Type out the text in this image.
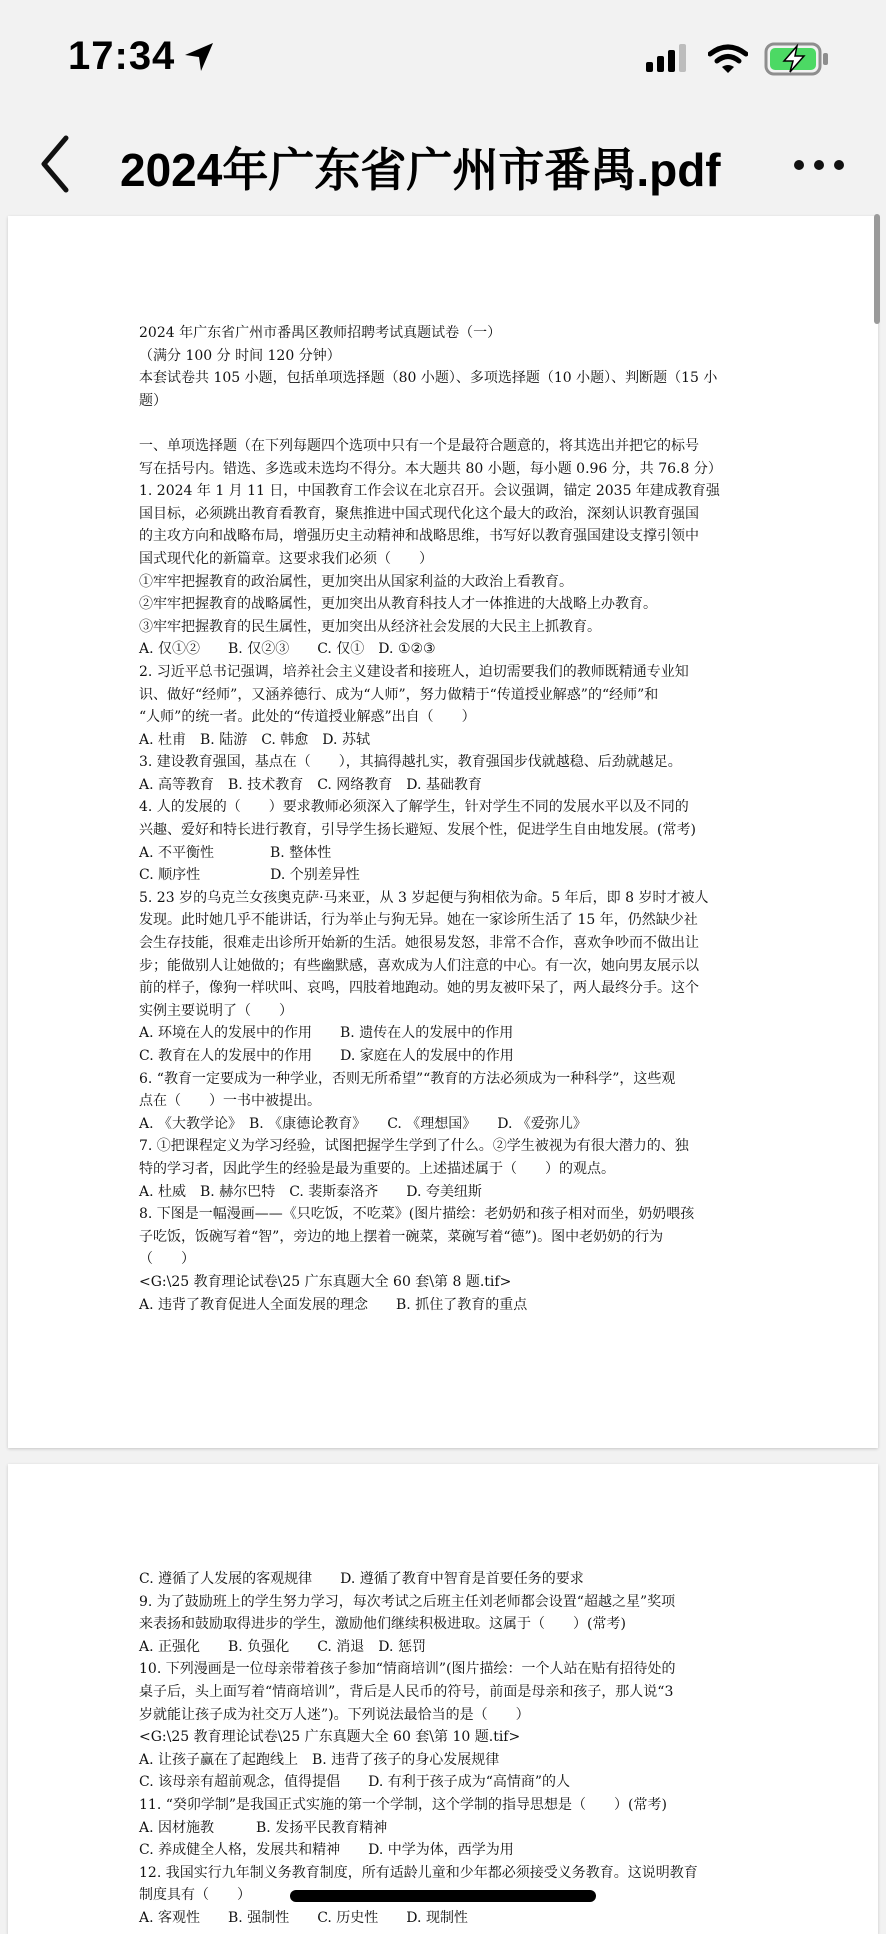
17:34
2024年广东省广州市番禺.pdf
2024 年广东省广州市番禺区教师招聘考试真题试卷（一）
（满分 100 分 时间 120 分钟）
本套试卷共 105 小题，包括单项选择题（80 小题）、多项选择题（10 小题）、判断题（15 小
题）
一、单项选择题（在下列每题四个选项中只有一个是最符合题意的，将其选出并把它的标号
写在括号内。错选、多选或未选均不得分。本大题共 80 小题，每小题 0.96 分，共 76.8 分）
1. 2024 年 1 月 11 日，中国教育工作会议在北京召开。会议强调，锚定 2035 年建成教育强
国目标，必须跳出教育看教育，聚焦推进中国式现代化这个最大的政治，深刻认识教育强国
的主攻方向和战略布局，增强历史主动精神和战略思维，书写好以教育强国建设支撑引领中
国式现代化的新篇章。这要求我们必须（　　）
①牢牢把握教育的政治属性，更加突出从国家利益的大政治上看教育。
②牢牢把握教育的战略属性，更加突出从教育科技人才一体推进的大战略上办教育。
③牢牢把握教育的民生属性，更加突出从经济社会发展的大民主上抓教育。
A. 仅①②　　B. 仅②③　　C. 仅①　D. ①②③
2. 习近平总书记强调，培养社会主义建设者和接班人，迫切需要我们的教师既精通专业知
识、做好“经师”，又涵养德行、成为“人师”，努力做精于“传道授业解惑”的“经师”和
“人师”的统一者。此处的“传道授业解惑”出自（　　）
A. 杜甫　B. 陆游　C. 韩愈　D. 苏轼
3. 建设教育强国，基点在（　　），其搞得越扎实，教育强国步伐就越稳、后劲就越足。
A. 高等教育　B. 技术教育　C. 网络教育　D. 基础教育
4. 人的发展的（　　）要求教师必须深入了解学生，针对学生不同的发展水平以及不同的
兴趣、爱好和特长进行教育，引导学生扬长避短、发展个性，促进学生自由地发展。(常考)
A. 不平衡性　　　　B. 整体性
C. 顺序性　　　　　D. 个别差异性
5. 23 岁的乌克兰女孩奥克萨·马来亚，从 3 岁起便与狗相依为命。5 年后，即 8 岁时才被人
发现。此时她几乎不能讲话，行为举止与狗无异。她在一家诊所生活了 15 年，仍然缺少社
会生存技能，很难走出诊所开始新的生活。她很易发怒，非常不合作，喜欢争吵而不做出让
步；能做别人让她做的；有些幽默感，喜欢成为人们注意的中心。有一次，她向男友展示以
前的样子，像狗一样吠叫、哀鸣，四肢着地跑动。她的男友被吓呆了，两人最终分手。这个
实例主要说明了（　　）
A. 环境在人的发展中的作用　　B. 遗传在人的发展中的作用
C. 教育在人的发展中的作用　　D. 家庭在人的发展中的作用
6. “教育一定要成为一种学业，否则无所希望”“教育的方法必须成为一种科学”，这些观
点在（　　）一书中被提出。
A. 《大教学论》　B. 《康德论教育》　　C. 《理想国》　　D. 《爱弥儿》
7. ①把课程定义为学习经验，试图把握学生学到了什么。②学生被视为有很大潜力的、独
特的学习者，因此学生的经验是最为重要的。上述描述属于（　　）的观点。
A. 杜威　B. 赫尔巴特　C. 裴斯泰洛齐　　D. 夸美纽斯
8. 下图是一幅漫画——《只吃饭，不吃菜》(图片描绘：老奶奶和孩子相对而坐，奶奶喂孩
子吃饭，饭碗写着“智”，旁边的地上摆着一碗菜，菜碗写着“德”)。图中老奶奶的行为
（　　）
<G:\25 教育理论试卷\25 广东真题大全 60 套\第 8 题.tif>
A. 违背了教育促进人全面发展的理念　　B. 抓住了教育的重点
C. 遵循了人发展的客观规律　　D. 遵循了教育中智育是首要任务的要求
9. 为了鼓励班上的学生努力学习，每次考试之后班主任刘老师都会设置“超越之星”奖项
来表扬和鼓励取得进步的学生，激励他们继续积极进取。这属于（　　）(常考)
A. 正强化　　B. 负强化　　C. 消退　D. 惩罚
10. 下列漫画是一位母亲带着孩子参加“情商培训”(图片描绘：一个人站在贴有招待处的
桌子后，头上面写着“情商培训”，背后是人民币的符号，前面是母亲和孩子，那人说“3
岁就能让孩子成为社交万人迷”)。下列说法最恰当的是（　　）
<G:\25 教育理论试卷\25 广东真题大全 60 套\第 10 题.tif>
A. 让孩子赢在了起跑线上　B. 违背了孩子的身心发展规律
C. 该母亲有超前观念，值得提倡　　D. 有利于孩子成为“高情商”的人
11. “癸卯学制”是我国正式实施的第一个学制，这个学制的指导思想是（　　）(常考)
A. 因材施教　　　B. 发扬平民教育精神
C. 养成健全人格，发展共和精神　　D. 中学为体，西学为用
12. 我国实行九年制义务教育制度，所有适龄儿童和少年都必须接受义务教育。这说明教育
制度具有（　　）
A. 客观性　　B. 强制性　　C. 历史性　　D. 现制性
